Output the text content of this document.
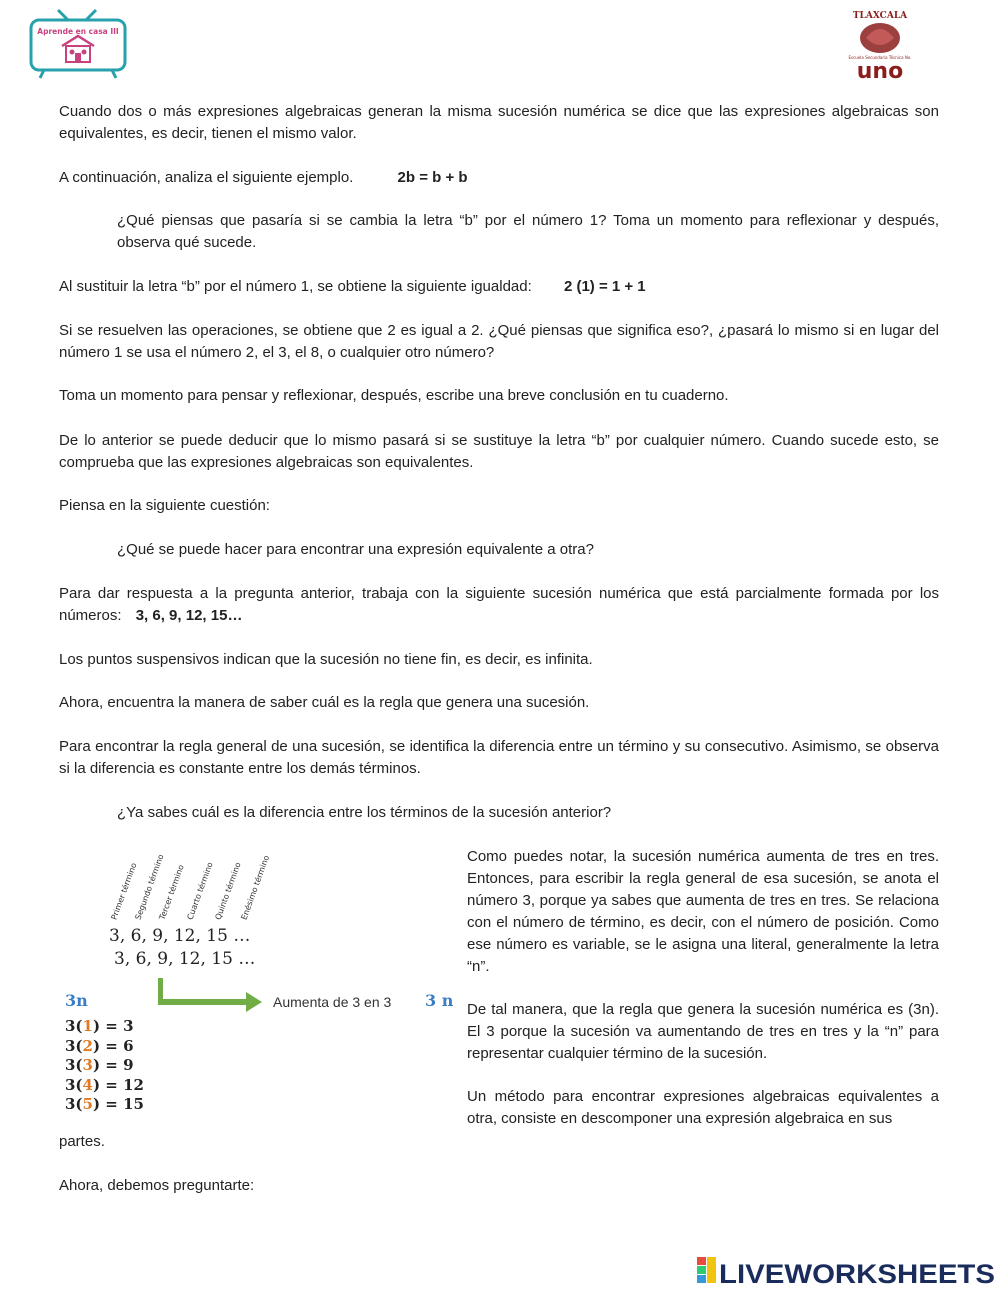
Aprende en casa III
TLAXCALA
Escuela Secundaria Técnica No.
uno

Cuando dos o más expresiones algebraicas generan la misma sucesión numérica se dice que las expresiones algebraicas son equivalentes, es decir, tienen el mismo valor.

A continuación, analiza el siguiente ejemplo.	2b = b + b

¿Qué piensas que pasaría si se cambia la letra “b” por el número 1? Toma un momento para reflexionar y después, observa qué sucede.

Al sustituir la letra “b” por el número 1, se obtiene la siguiente igualdad: 2 (1) = 1 + 1

Si se resuelven las operaciones, se obtiene que 2 es igual a 2. ¿Qué piensas que significa eso?, ¿pasará lo mismo si en lugar del número 1 se usa el número 2, el 3, el 8, o cualquier otro número?

Toma un momento para pensar y reflexionar, después, escribe una breve conclusión en tu cuaderno.

De lo anterior se puede deducir que lo mismo pasará si se sustituye la letra “b” por cualquier número. Cuando sucede esto, se comprueba que las expresiones algebraicas son equivalentes.

Piensa en la siguiente cuestión:

¿Qué se puede hacer para encontrar una expresión equivalente a otra?

Para dar respuesta a la pregunta anterior, trabaja con la siguiente sucesión numérica que está parcialmente formada por los números: 3, 6, 9, 12, 15…

Los puntos suspensivos indican que la sucesión no tiene fin, es decir, es infinita.

Ahora, encuentra la manera de saber cuál es la regla que genera una sucesión.

Para encontrar la regla general de una sucesión, se identifica la diferencia entre un término y su consecutivo. Asimismo, se observa si la diferencia es constante entre los demás términos.

¿Ya sabes cuál es la diferencia entre los términos de la sucesión anterior?

Como puedes notar, la sucesión numérica aumenta de tres en tres. Entonces, para escribir la regla general de esa sucesión, se anota el número 3, porque ya sabes que aumenta de tres en tres. Se relaciona con el número de término, es decir, con el número de posición. Como ese número es variable, se le asigna una literal, generalmente la letra “n”.

De tal manera, que la regla que genera la sucesión numérica es (3n). El 3 porque la sucesión va aumentando de tres en tres y la “n” para representar cualquier término de la sucesión.

Un método para encontrar expresiones algebraicas equivalentes a otra, consiste en descomponer una expresión algebraica en sus

Primer término
Segundo término
Tercer término Cuarto término
Quinto término
Enésimo término
3, 6, 9, 12, 15 …
3, 6, 9, 12, 15 …
3n	Aumenta de 3 en 3 3 n
3(1) = 3
3(2) = 6
3(3) = 9
3(4) = 12
3(5) = 15

partes.

Ahora, debemos preguntarte:

LIVEWORKSHEETS
